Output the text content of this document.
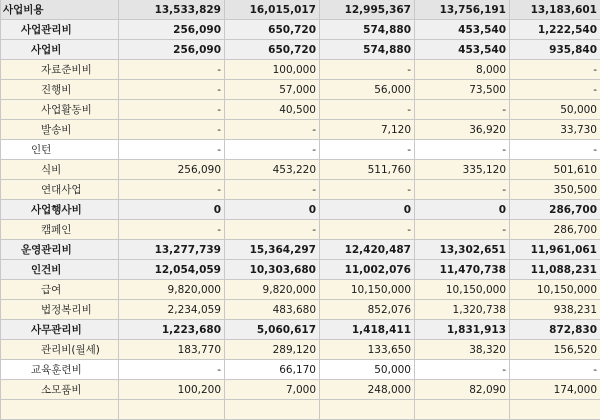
사업비용	13,533,829	16,015,017	12,995,367	13,756,191	13,183,601
사업관리비	256,090	650,720	574,880	453,540	1,222,540
사업비	256,090	650,720	574,880	453,540	935,840
자료준비비	-	100,000	-	8,000	-
진행비	-	57,000	56,000	73,500	-
사업활동비	-	40,500	-	-	50,000
발송비	-	-	7,120	36,920	33,730
인턴	-	-	-	-	-
식비	256,090	453,220	511,760	335,120	501,610
연대사업	-	-	-	-	350,500
사업행사비	0	0	0	0	286,700
캠페인	-	-	-	-	286,700
운영관리비	13,277,739	15,364,297	12,420,487	13,302,651	11,961,061
인건비	12,054,059	10,303,680	11,002,076	11,470,738	11,088,231
급여	9,820,000	9,820,000	10,150,000	10,150,000	10,150,000
법정복리비	2,234,059	483,680	852,076	1,320,738	938,231
사무관리비	1,223,680	5,060,617	1,418,411	1,831,913	872,830
관리비(월세)	183,770	289,120	133,650	38,320	156,520
교육훈련비	-	66,170	50,000	-	-
소모품비	100,200	7,000	248,000	82,090	174,000
